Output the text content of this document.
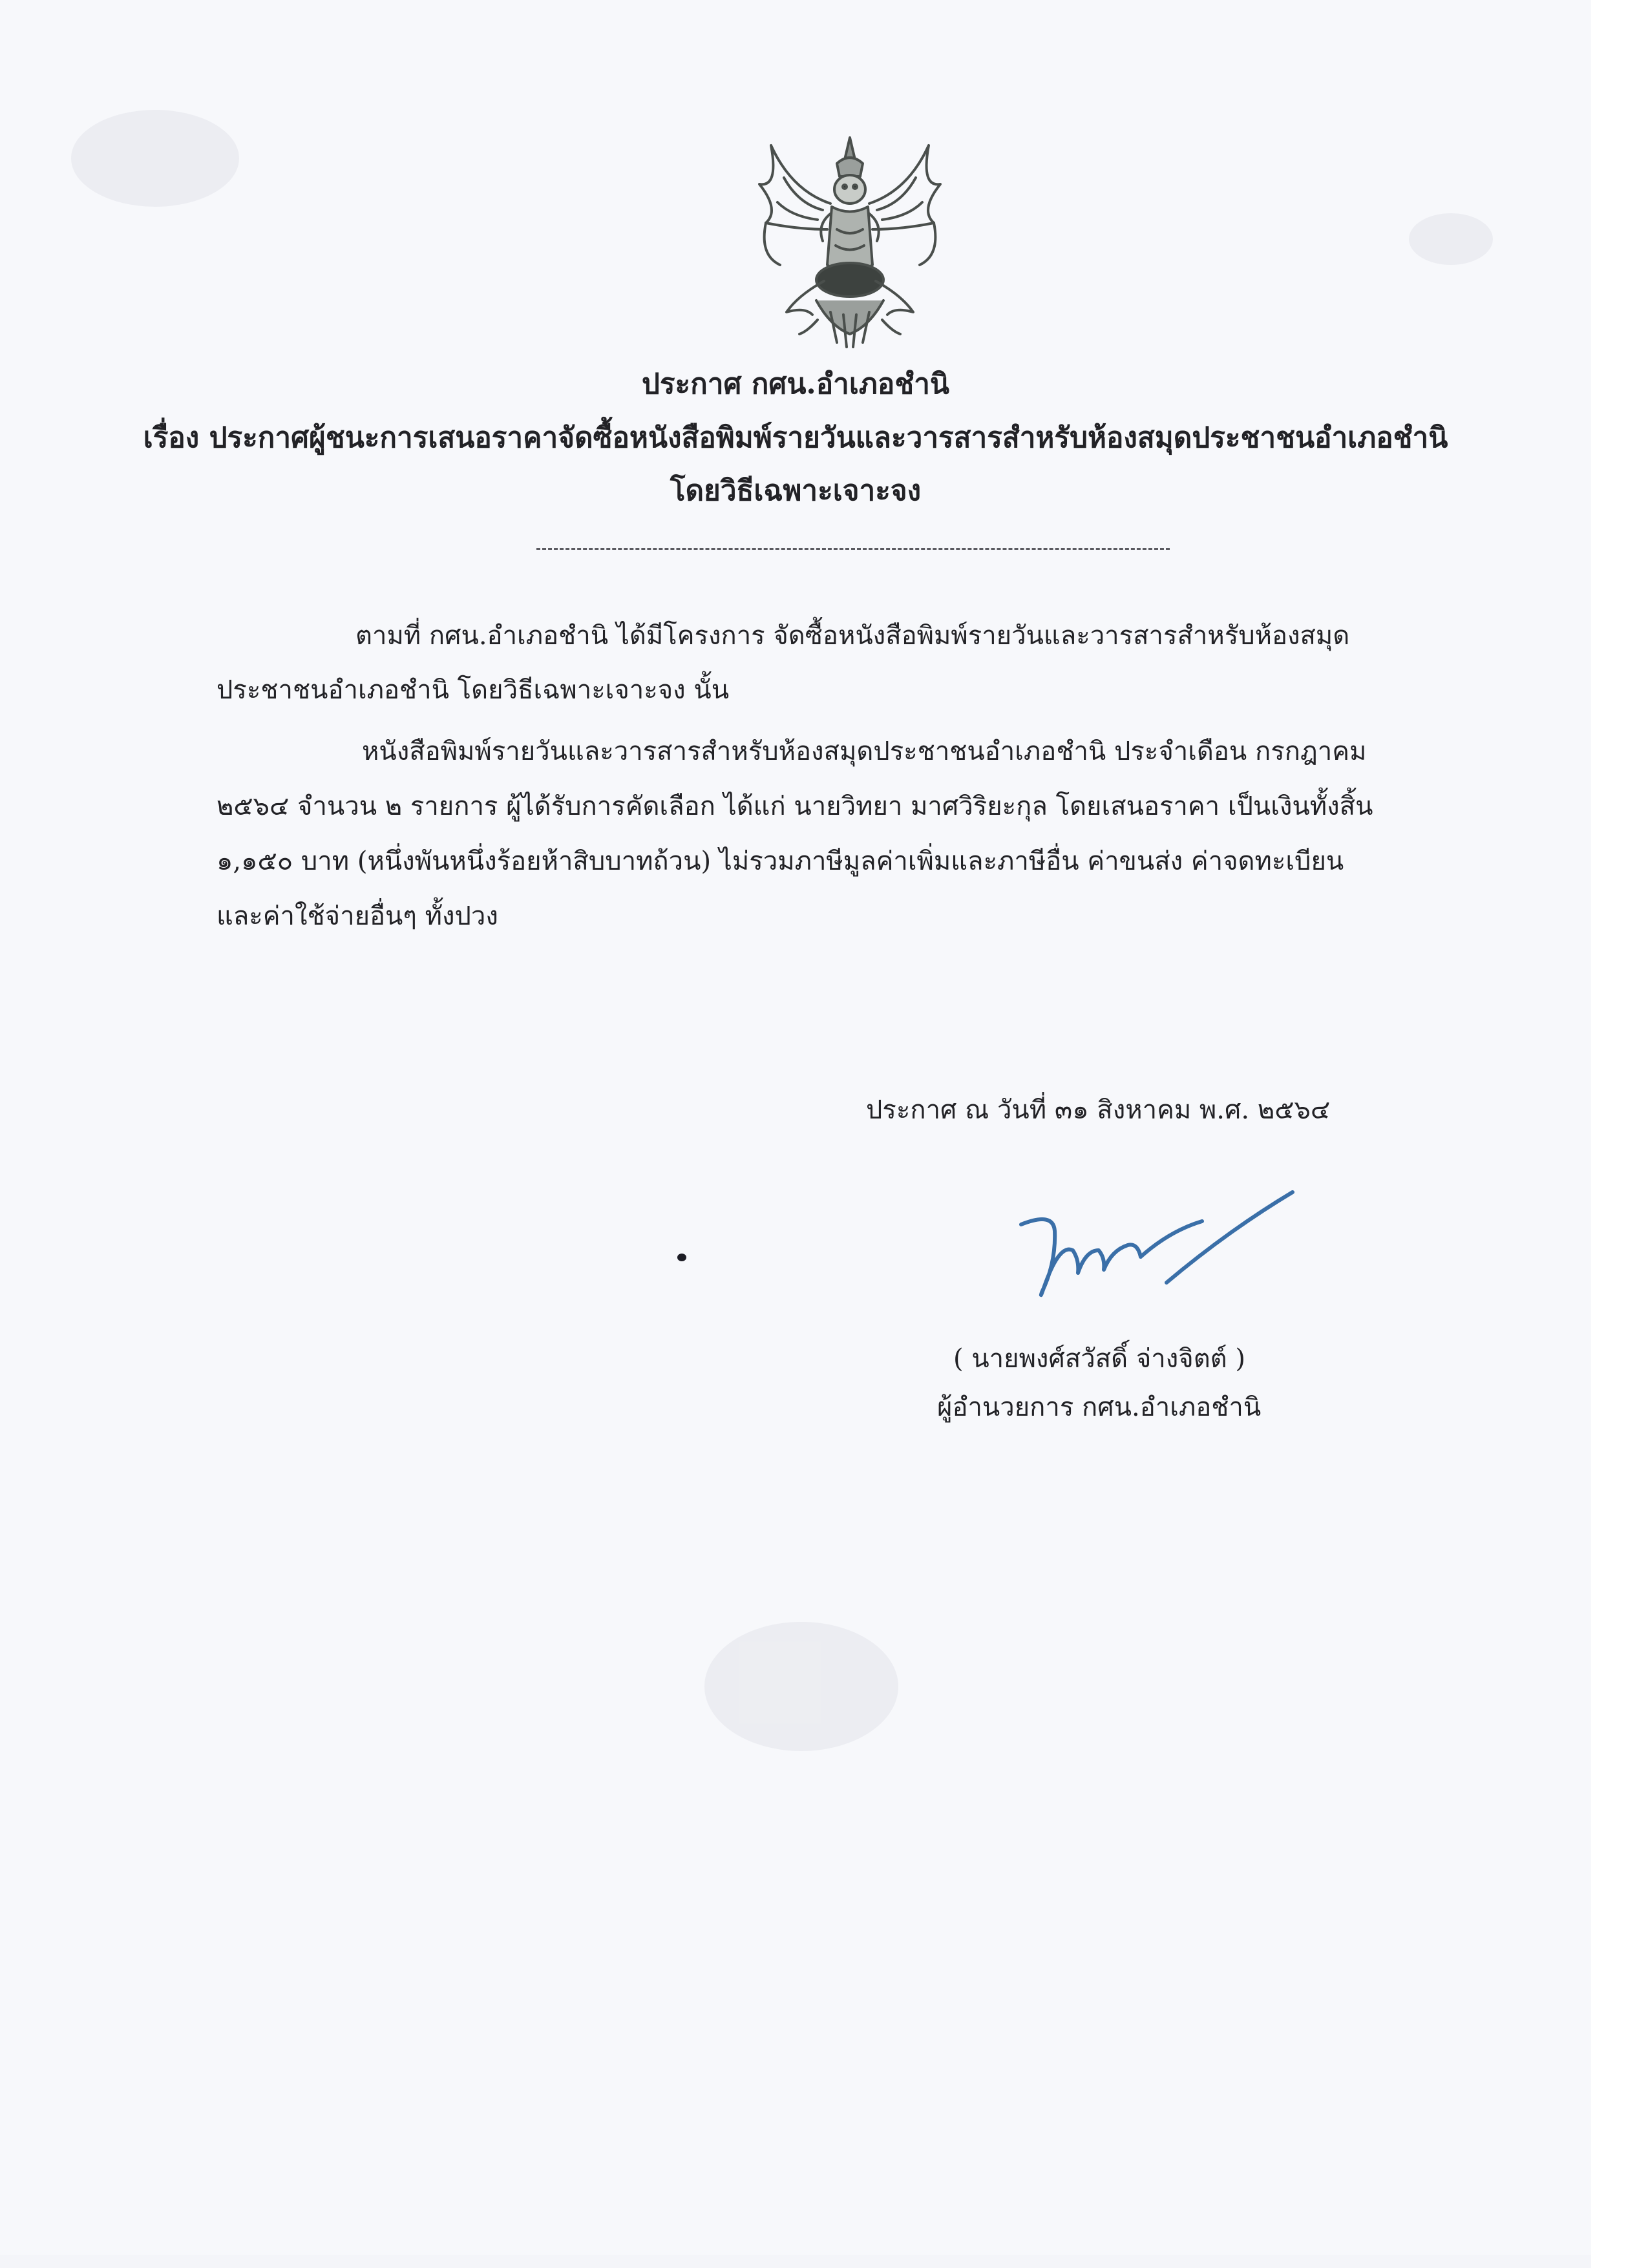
ประกาศ กศน.อำเภอชำนิ
เรื่อง ประกาศผู้ชนะการเสนอราคาจัดซื้อหนังสือพิมพ์รายวันและวารสารสำหรับห้องสมุดประชาชนอำเภอชำนิ
โดยวิธีเฉพาะเจาะจง
ตามที่ กศน.อำเภอชำนิ ได้มีโครงการ จัดซื้อหนังสือพิมพ์รายวันและวารสารสำหรับห้องสมุด
ประชาชนอำเภอชำนิ โดยวิธีเฉพาะเจาะจง นั้น
หนังสือพิมพ์รายวันและวารสารสำหรับห้องสมุดประชาชนอำเภอชำนิ ประจำเดือน กรกฎาคม
๒๕๖๔ จำนวน ๒ รายการ ผู้ได้รับการคัดเลือก ได้แก่ นายวิทยา มาศวิริยะกุล โดยเสนอราคา เป็นเงินทั้งสิ้น
๑,๑๕๐ บาท (หนึ่งพันหนึ่งร้อยห้าสิบบาทถ้วน) ไม่รวมภาษีมูลค่าเพิ่มและภาษีอื่น ค่าขนส่ง ค่าจดทะเบียน
และค่าใช้จ่ายอื่นๆ ทั้งปวง
ประกาศ ณ วันที่ ๓๑ สิงหาคม พ.ศ. ๒๕๖๔
( นายพงศ์สวัสดิ์ จ่างจิตต์ )
ผู้อำนวยการ กศน.อำเภอชำนิ
